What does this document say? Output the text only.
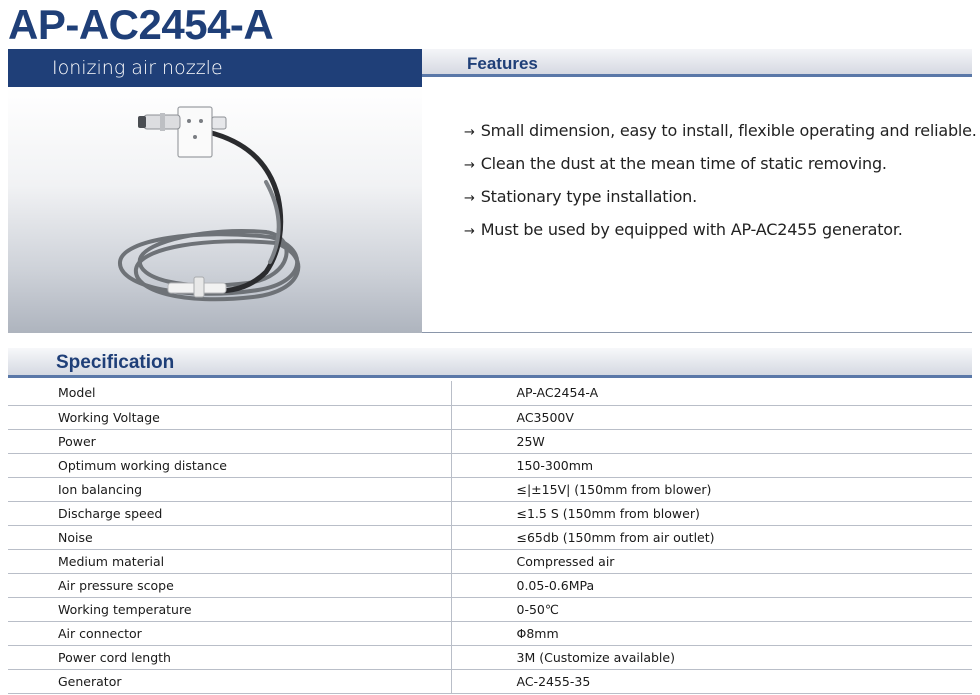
AP-AC2454-A
Ionizing air nozzle	Features
→ Small dimension, easy to install, flexible operating and reliable.
→ Clean the dust at the mean time of static removing.
→ Stationary type installation.
→ Must be used by equipped with AP-AC2455 generator.
Specification
Model	AP-AC2454-A
Working Voltage	AC3500V
Power	25W
Optimum working distance	150-300mm
Ion balancing	≤|±15V| (150mm from blower)
Discharge speed	≤1.5 S (150mm from blower)
Noise	≤65db (150mm from air outlet)
Medium material	Compressed air
Air pressure scope	0.05-0.6MPa
Working temperature	0-50℃
Air connector	Φ8mm
Power cord length	3M (Customize available)
Generator	AC-2455-35
